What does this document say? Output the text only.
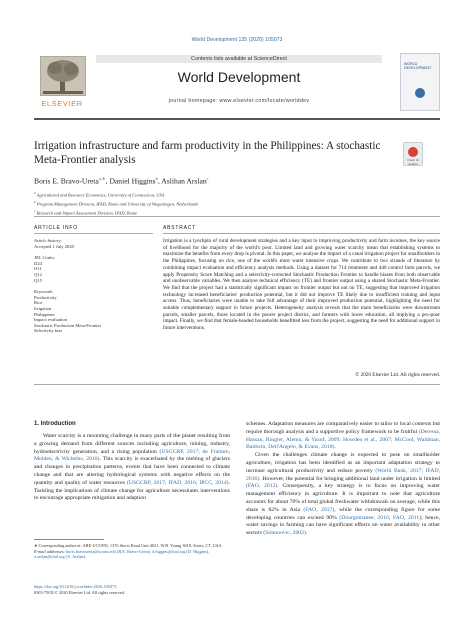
World Development 135 (2020) 105073
ELSEVIER
Contents lists available at ScienceDirect
World Development
journal homepage: www.elsevier.com/locate/worlddev
WORLD DEVELOPMENT
Irrigation infrastructure and farm productivity in the Philippines: A stochastic Meta-Frontier analysis	Check for updates
Boris E. Bravo-Ureta$^{a,∗}$, Daniel Higgins$^b$, Aslihan Arslan$^c$
$^a$ Agricultural and Resource Economics, University of Connecticut, USA
$^b$ Program Management Division, IFAD, Rome and University of Wageningen, Netherlands
$^c$ Research and Impact Assessment Division, IFAD, Rome
ARTICLE INFO	ABSTRACT
Article history:
Accepted 1 July 2020
JEL Codes:
D24
O11
Q12
Q15
Keywords:
Productivity
Rice
Irrigation
Philippines
Impact evaluation
Stochastic Production Meta-Frontier
Selectivity bias
Irrigation is a lynchpin of rural development strategies and a key input to improving productivity and farm incomes, the key source of livelihood for the majority of the world's poor. Limited land and growing water scarcity mean that establishing systems to maximize the benefits from every drop is pivotal. In this paper, we analyse the impact of a canal irrigation project for smallholders in the Philippines, focusing on rice, one of the world's most water intensive crops. We contribute to two strands of literature by combining impact evaluation and efficiency analysis methods. Using a dataset for 714 treatment and 440 control farm parcels, we apply Propensity Score Matching and a selectivity-corrected Stochastic Production Frontier to handle biases from both observable and unobservable variables. We then analyse technical efficiency (TE) and frontier output using a shared Stochastic Meta-Frontier. We find that the project had a statistically significant impact on frontier output but not on TE, suggesting that improved irrigation technology increased beneficiaries' production potential, but it did not improve TE likely due to insufficient training and input access. Thus, beneficiaries were unable to take full advantage of their improved production potential, highlighting the need for suitable complementary support in future projects. Heterogeneity analysis reveals that the main beneficiaries were downstream parcels, smaller parcels, those located in the poorer project district, and farmers with lower education, all implying a pro-poor impact. Finally, we find that female-headed households benefitted less from the project, suggesting the need for additional support in future interventions.
© 2020 Elsevier Ltd. All rights reserved.
1. Introduction

Water scarcity is a mounting challenge in many parts of the planet resulting from a growing demand from different sources including agriculture, mining, industry, hydroelectricity generation, and a rising population (USGCRP, 2017; de Fraiture, Molden, & Wichelns, 2010). This scarcity is exacerbated by the melting of glaciers and changes in precipitation patterns, events that have been connected to climate change and that are altering hydrological systems with negative effects on the quantity and quality of water resources (USGCRP, 2017; IFAD, 2016; IPCC, 2014). Tackling the implications of climate change for agriculture necessitates interventions to encourage appropriate mitigation and adaption

schemes. Adaptation measures are comparatively easier to tailor to local contexts but require thorough analysis and a supportive policy framework to be fruitful (Deressa, Hassan, Ringler, Alemu, & Yusuf, 2009; Howden et al., 2007; McCord, Waldman, Baldwin, Dell'Angelo, & Evans, 2018).

Given the challenges climate change is expected to pose on smallholder agriculture, irrigation has been identified as an important adaptation strategy to increase agricultural productivity and reduce poverty (World Bank, 2017; IFAD, 2016). However, the potential for bringing additional land under irrigation is limited (FAO, 2012). Consequently, a key strategy is to focus on improving water management efficiency in agriculture. It is important to note that agriculture accounts for about 70% of total global freshwater withdrawals on average, while this share is 82% in Asia (FAO, 2017), while the corresponding figure for some developing countries can exceed 90% (Dourgnmanee, 2016; FAO, 2011); hence, water savings in farming can have significant effects on water availability in other sectors (Simonovic, 2002).

∗ Corresponding author at: ARE-UCONN, 1376 Storrs Road Unit 4021, W.B. Young 3018, Storrs, CT, USA.
E-mail addresses: boris.bravoureta@uconn.edu (B.E. Bravo-Ureta), d.higgins@ifad.org (D. Higgins), a.arslan@ifad.org (A. Arslan).
https://doi.org/10.1016/j.worlddev.2020.105073
0305-750X/© 2020 Elsevier Ltd. All rights reserved.
